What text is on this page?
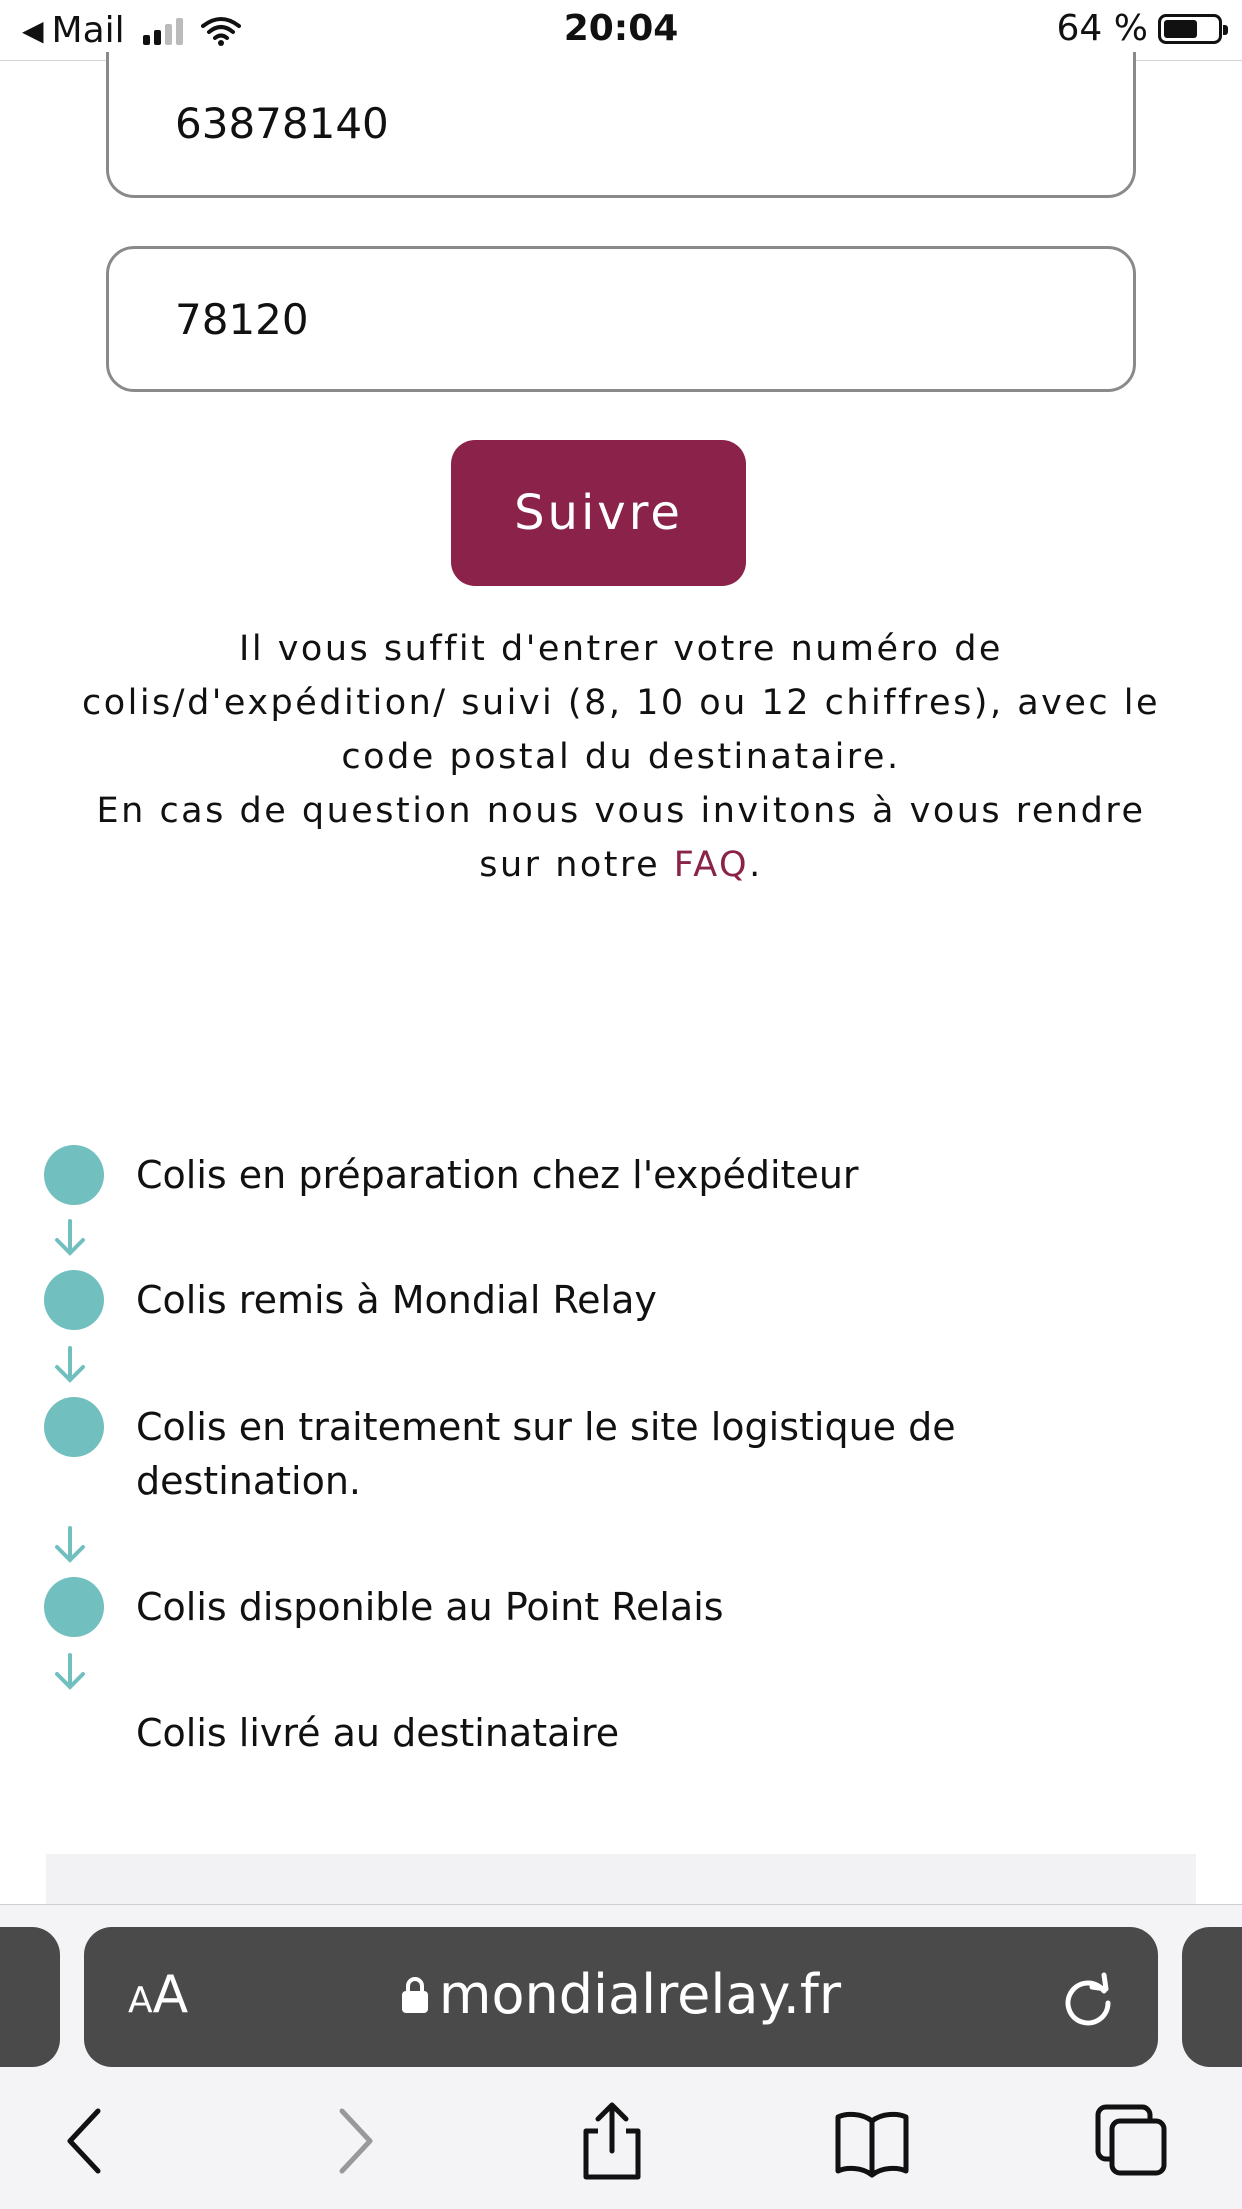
◀ Mail	20:04	64 %
63878140
78120
Suivre
Il vous suffit d'entrer votre numéro de colis/d'expédition/ suivi (8, 10 ou 12 chiffres), avec le code postal du destinataire.
En cas de question nous vous invitons à vous rendre sur notre FAQ.
Colis en préparation chez l'expéditeur
Colis remis à Mondial Relay
Colis en traitement sur le site logistique de destination.
Colis disponible au Point Relais
Colis livré au destinataire
AA	mondialrelay.fr
